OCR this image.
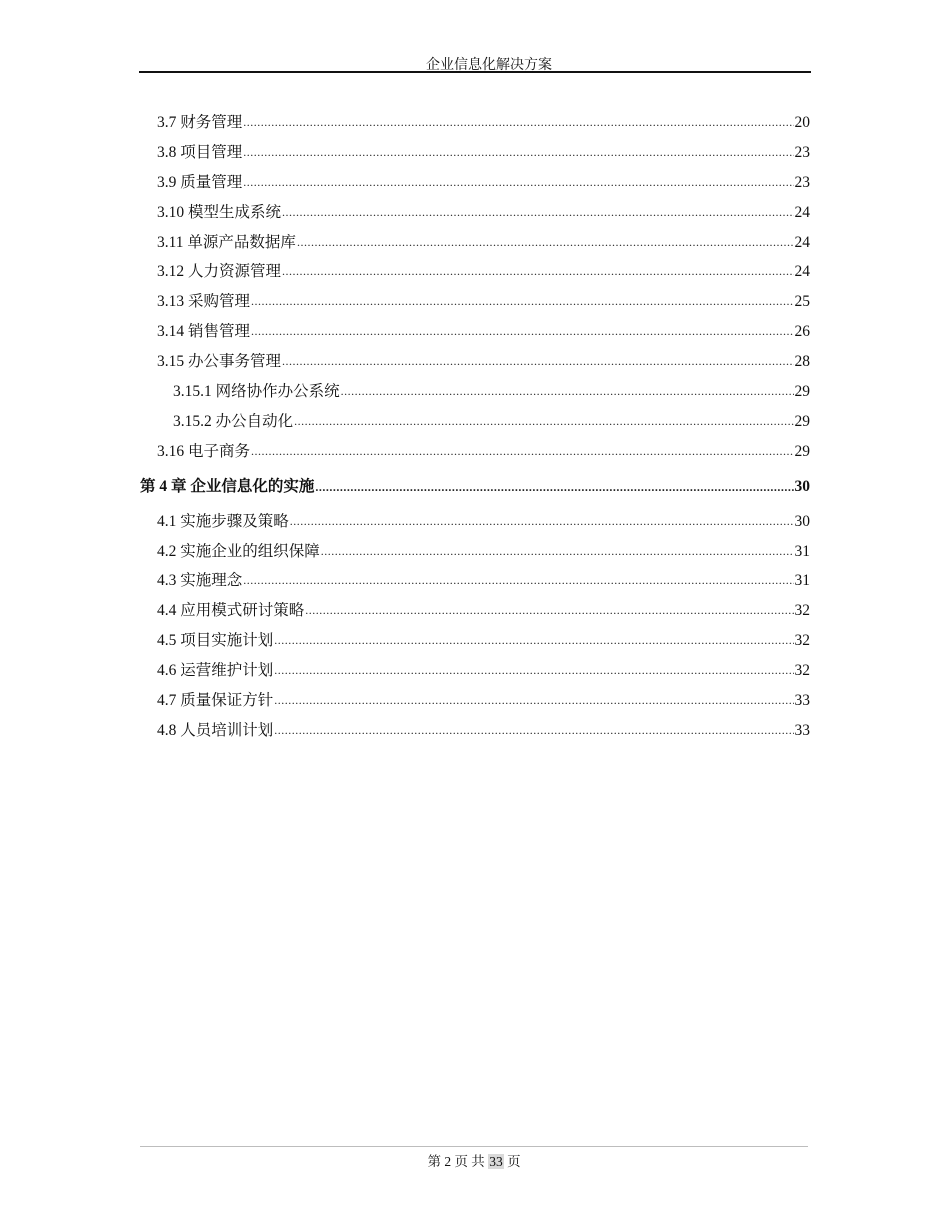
企业信息化解决方案
3.7 财务管理 .....	20
3.8 项目管理 .....	23
3.9 质量管理 .....	23
3.10 模型生成系统 .....	24
3.11 单源产品数据库 .....	24
3.12 人力资源管理 .....	24
3.13 采购管理 .....	25
3.14 销售管理 .....	26
3.15 办公事务管理 .....	28
3.15.1 网络协作办公系统 .....	29
3.15.2 办公自动化 .....	29
3.16 电子商务 .....	29
第 4 章 企业信息化的实施 .....	30
4.1 实施步骤及策略 .....	30
4.2 实施企业的组织保障 .....	31
4.3 实施理念 .....	31
4.4 应用模式研讨策略 .....	32
4.5 项目实施计划 .....	32
4.6 运营维护计划 .....	32
4.7 质量保证方针 .....	33
4.8 人员培训计划 .....	33
第 2 页 共 33 页
